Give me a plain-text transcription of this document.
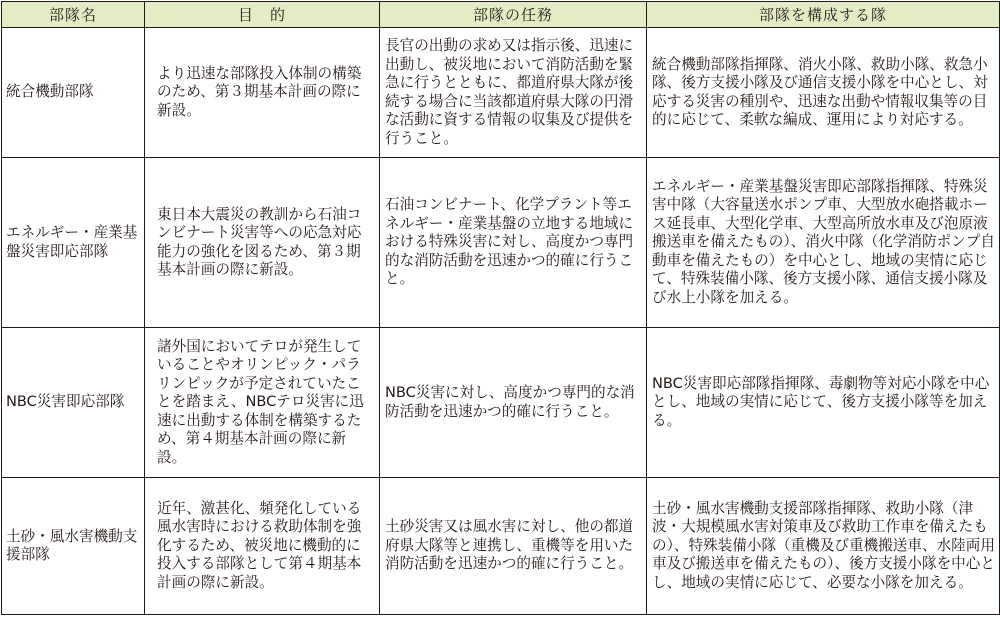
部隊名	目　的	部隊の任務	部隊を構成する隊

統合機動部隊	より迅速な部隊投入体制の構築のため、第３期基本計画の際に新設。	長官の出動の求め又は指示後、迅速に出動し、被災地において消防活動を緊急に行うとともに、都道府県大隊が後続する場合に当該都道府県大隊の円滑な活動に資する情報の収集及び提供を行うこと。	統合機動部隊指揮隊、消火小隊、救助小隊、救急小隊、後方支援小隊及び通信支援小隊を中心とし、対応する災害の種別や、迅速な出動や情報収集等の目的に応じて、柔軟な編成、運用により対応する。

エネルギー・産業基盤災害即応部隊	東日本大震災の教訓から石油コンビナート災害等への応急対応能力の強化を図るため、第３期基本計画の際に新設。	石油コンビナート、化学プラント等エネルギー・産業基盤の立地する地域における特殊災害に対し、高度かつ専門的な消防活動を迅速かつ的確に行うこと。	エネルギー・産業基盤災害即応部隊指揮隊、特殊災害中隊（大容量送水ポンプ車、大型放水砲搭載ホース延長車、大型化学車、大型高所放水車及び泡原液搬送車を備えたもの）、消火中隊（化学消防ポンプ自動車を備えたもの）を中心とし、地域の実情に応じて、特殊装備小隊、後方支援小隊、通信支援小隊及び水上小隊を加える。

NBC災害即応部隊	諸外国においてテロが発生していることやオリンピック・パラリンピックが予定されていたことを踏まえ、NBCテロ災害に迅速に出動する体制を構築するため、第４期基本計画の際に新設。	NBC災害に対し、高度かつ専門的な消防活動を迅速かつ的確に行うこと。	NBC災害即応部隊指揮隊、毒劇物等対応小隊を中心とし、地域の実情に応じて、後方支援小隊等を加える。

土砂・風水害機動支援部隊	近年、激甚化、頻発化している風水害時における救助体制を強化するため、被災地に機動的に投入する部隊として第４期基本計画の際に新設。	土砂災害又は風水害に対し、他の都道府県大隊等と連携し、重機等を用いた消防活動を迅速かつ的確に行うこと。	土砂・風水害機動支援部隊指揮隊、救助小隊（津波・大規模風水害対策車及び救助工作車を備えたもの）、特殊装備小隊（重機及び重機搬送車、水陸両用車及び搬送車を備えたもの）、後方支援小隊を中心とし、地域の実情に応じて、必要な小隊を加える。
